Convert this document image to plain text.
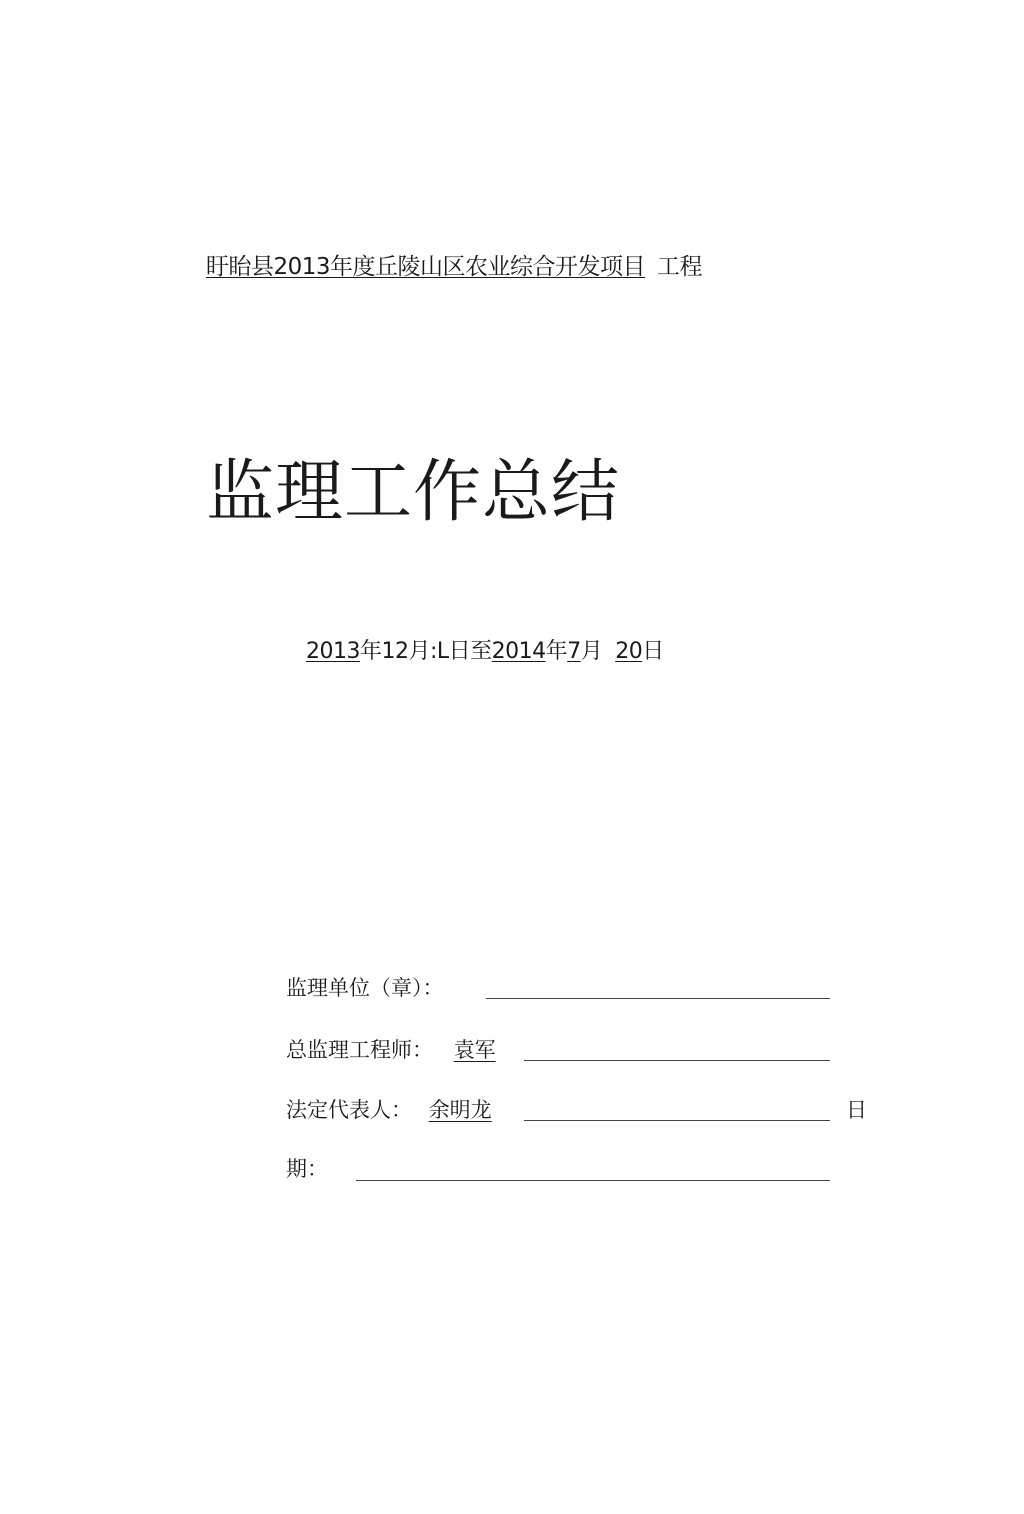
盱眙县2013年度丘陵山区农业综合开发项目 工程
监理工作总结
2013年12月:L日至2014年7月 20日
监理单位（章）：
总监理工程师： 袁军
法定代表人： 余明龙	日
期：
